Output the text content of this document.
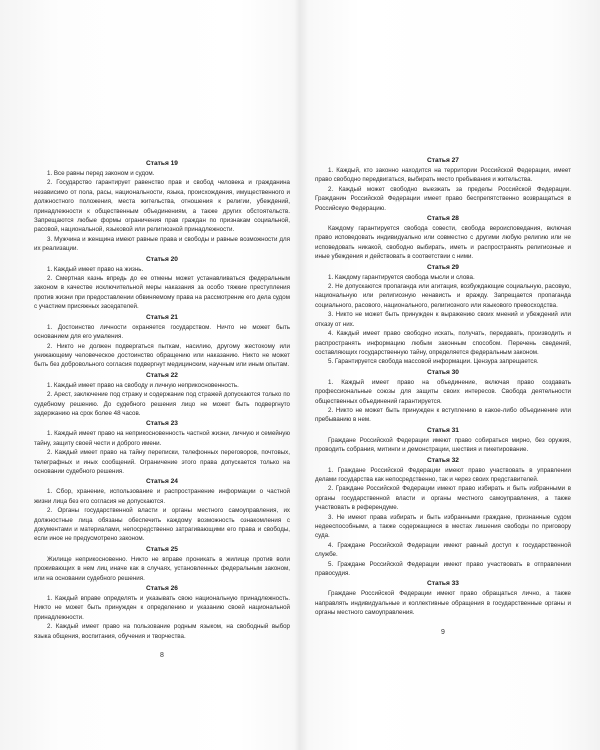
Статья 19

1. Все равны перед законом и судом.

2. Государство гарантирует равенство прав и свобод человека и гражданина независимо от пола, расы, национальности, языка, происхождения, имущественного и должностного положения, места жительства, отношения к религии, убеждений, принадлежности к общественным объединениям, а также других обстоятельств. Запрещаются любые формы ограничения прав граждан по признакам социальной, расовой, национальной, языковой или религиозной принадлежности.

3. Мужчина и женщина имеют равные права и свободы и равные возможности для их реализации.

Статья 20

1. Каждый имеет право на жизнь.

2. Смертная казнь впредь до ее отмены может устанавливаться федеральным законом в качестве исключительной меры наказания за особо тяжкие преступления против жизни при предоставлении обвиняемому права на рассмотрение его дела судом с участием присяжных заседателей.

Статья 21

1. Достоинство личности охраняется государством. Ничто не может быть основанием для его умаления.

2. Никто не должен подвергаться пыткам, насилию, другому жестокому или унижающему человеческое достоинство обращению или наказанию. Никто не может быть без добровольного согласия подвергнут медицинским, научным или иным опытам.

Статья 22

1. Каждый имеет право на свободу и личную неприкосновенность.

2. Арест, заключение под стражу и содержание под стражей допускаются только по судебному решению. До судебного решения лицо не может быть подвергнуто задержанию на срок более 48 часов.

Статья 23

1. Каждый имеет право на неприкосновенность частной жизни, личную и семейную тайну, защиту своей чести и доброго имени.

2. Каждый имеет право на тайну переписки, телефонных переговоров, почтовых, телеграфных и иных сообщений. Ограничение этого права допускается только на основании судебного решения.

Статья 24

1. Сбор, хранение, использование и распространение информации о частной жизни лица без его согласия не допускаются.

2. Органы государственной власти и органы местного самоуправления, их должностные лица обязаны обеспечить каждому возможность ознакомления с документами и материалами, непосредственно затрагивающими его права и свободы, если иное не предусмотрено законом.

Статья 25

Жилище неприкосновенно. Никто не вправе проникать в жилище против воли проживающих в нем лиц иначе как в случаях, установленных федеральным законом, или на основании судебного решения.

Статья 26

1. Каждый вправе определять и указывать свою национальную принадлежность. Никто не может быть принужден к определению и указанию своей национальной принадлежности.

2. Каждый имеет право на пользование родным языком, на свободный выбор языка общения, воспитания, обучения и творчества.

8
Статья 27

1. Каждый, кто законно находится на территории Российской Федерации, имеет право свободно передвигаться, выбирать место пребывания и жительства.

2. Каждый может свободно выезжать за пределы Российской Федерации. Гражданин Российской Федерации имеет право беспрепятственно возвращаться в Российскую Федерацию.

Статья 28

Каждому гарантируется свобода совести, свобода вероисповедания, включая право исповедовать индивидуально или совместно с другими любую религию или не исповедовать никакой, свободно выбирать, иметь и распространять религиозные и иные убеждения и действовать в соответствии с ними.

Статья 29

1. Каждому гарантируется свобода мысли и слова.

2. Не допускаются пропаганда или агитация, возбуждающие социальную, расовую, национальную или религиозную ненависть и вражду. Запрещается пропаганда социального, расового, национального, религиозного или языкового превосходства.

3. Никто не может быть принужден к выражению своих мнений и убеждений или отказу от них.

4. Каждый имеет право свободно искать, получать, передавать, производить и распространять информацию любым законным способом. Перечень сведений, составляющих государственную тайну, определяется федеральным законом.

5. Гарантируется свобода массовой информации. Цензура запрещается.

Статья 30

1. Каждый имеет право на объединение, включая право создавать профессиональные союзы для защиты своих интересов. Свобода деятельности общественных объединений гарантируется.

2. Никто не может быть принужден к вступлению в какое-либо объединение или пребыванию в нем.

Статья 31

Граждане Российской Федерации имеют право собираться мирно, без оружия, проводить собрания, митинги и демонстрации, шествия и пикетирование.

Статья 32

1. Граждане Российской Федерации имеют право участвовать в управлении делами государства как непосредственно, так и через своих представителей.

2. Граждане Российской Федерации имеют право избирать и быть избранными в органы государственной власти и органы местного самоуправления, а также участвовать в референдуме.

3. Не имеют права избирать и быть избранными граждане, признанные судом недееспособными, а также содержащиеся в местах лишения свободы по приговору суда.

4. Граждане Российской Федерации имеют равный доступ к государственной службе.

5. Граждане Российской Федерации имеют право участвовать в отправлении правосудия.

Статья 33

Граждане Российской Федерации имеют право обращаться лично, а также направлять индивидуальные и коллективные обращения в государственные органы и органы местного самоуправления.

9
